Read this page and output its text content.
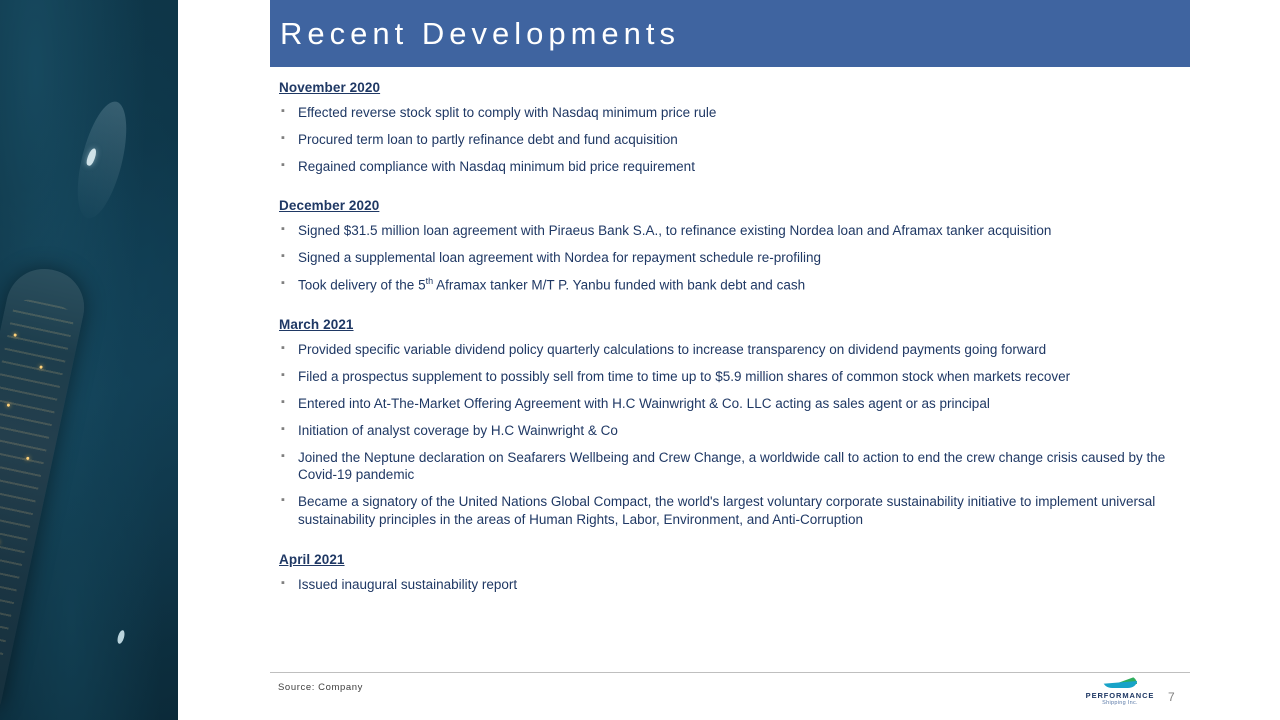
Recent Developments
November 2020
▪ Effected reverse stock split to comply with Nasdaq minimum price rule
▪ Procured term loan to partly refinance debt and fund acquisition
▪ Regained compliance with Nasdaq minimum bid price requirement
December 2020
▪ Signed $31.5 million loan agreement with Piraeus Bank S.A., to refinance existing Nordea loan and Aframax tanker acquisition
▪ Signed a supplemental loan agreement with Nordea for repayment schedule re-profiling
▪ Took delivery of the 5th Aframax tanker M/T P. Yanbu funded with bank debt and cash
March 2021
▪ Provided specific variable dividend policy quarterly calculations to increase transparency on dividend payments going forward
▪ Filed a prospectus supplement to possibly sell from time to time up to $5.9 million shares of common stock when markets recover
▪ Entered into At-The-Market Offering Agreement with H.C Wainwright & Co. LLC acting as sales agent or as principal
▪ Initiation of analyst coverage by H.C Wainwright & Co
▪ Joined the Neptune declaration on Seafarers Wellbeing and Crew Change, a worldwide call to action to end the crew change crisis caused by the Covid-19 pandemic
▪ Became a signatory of the United Nations Global Compact, the world's largest voluntary corporate sustainability initiative to implement universal sustainability principles in the areas of Human Rights, Labor, Environment, and Anti-Corruption
April 2021
▪ Issued inaugural sustainability report
Source: Company
PERFORMANCE
Shipping Inc.	7
